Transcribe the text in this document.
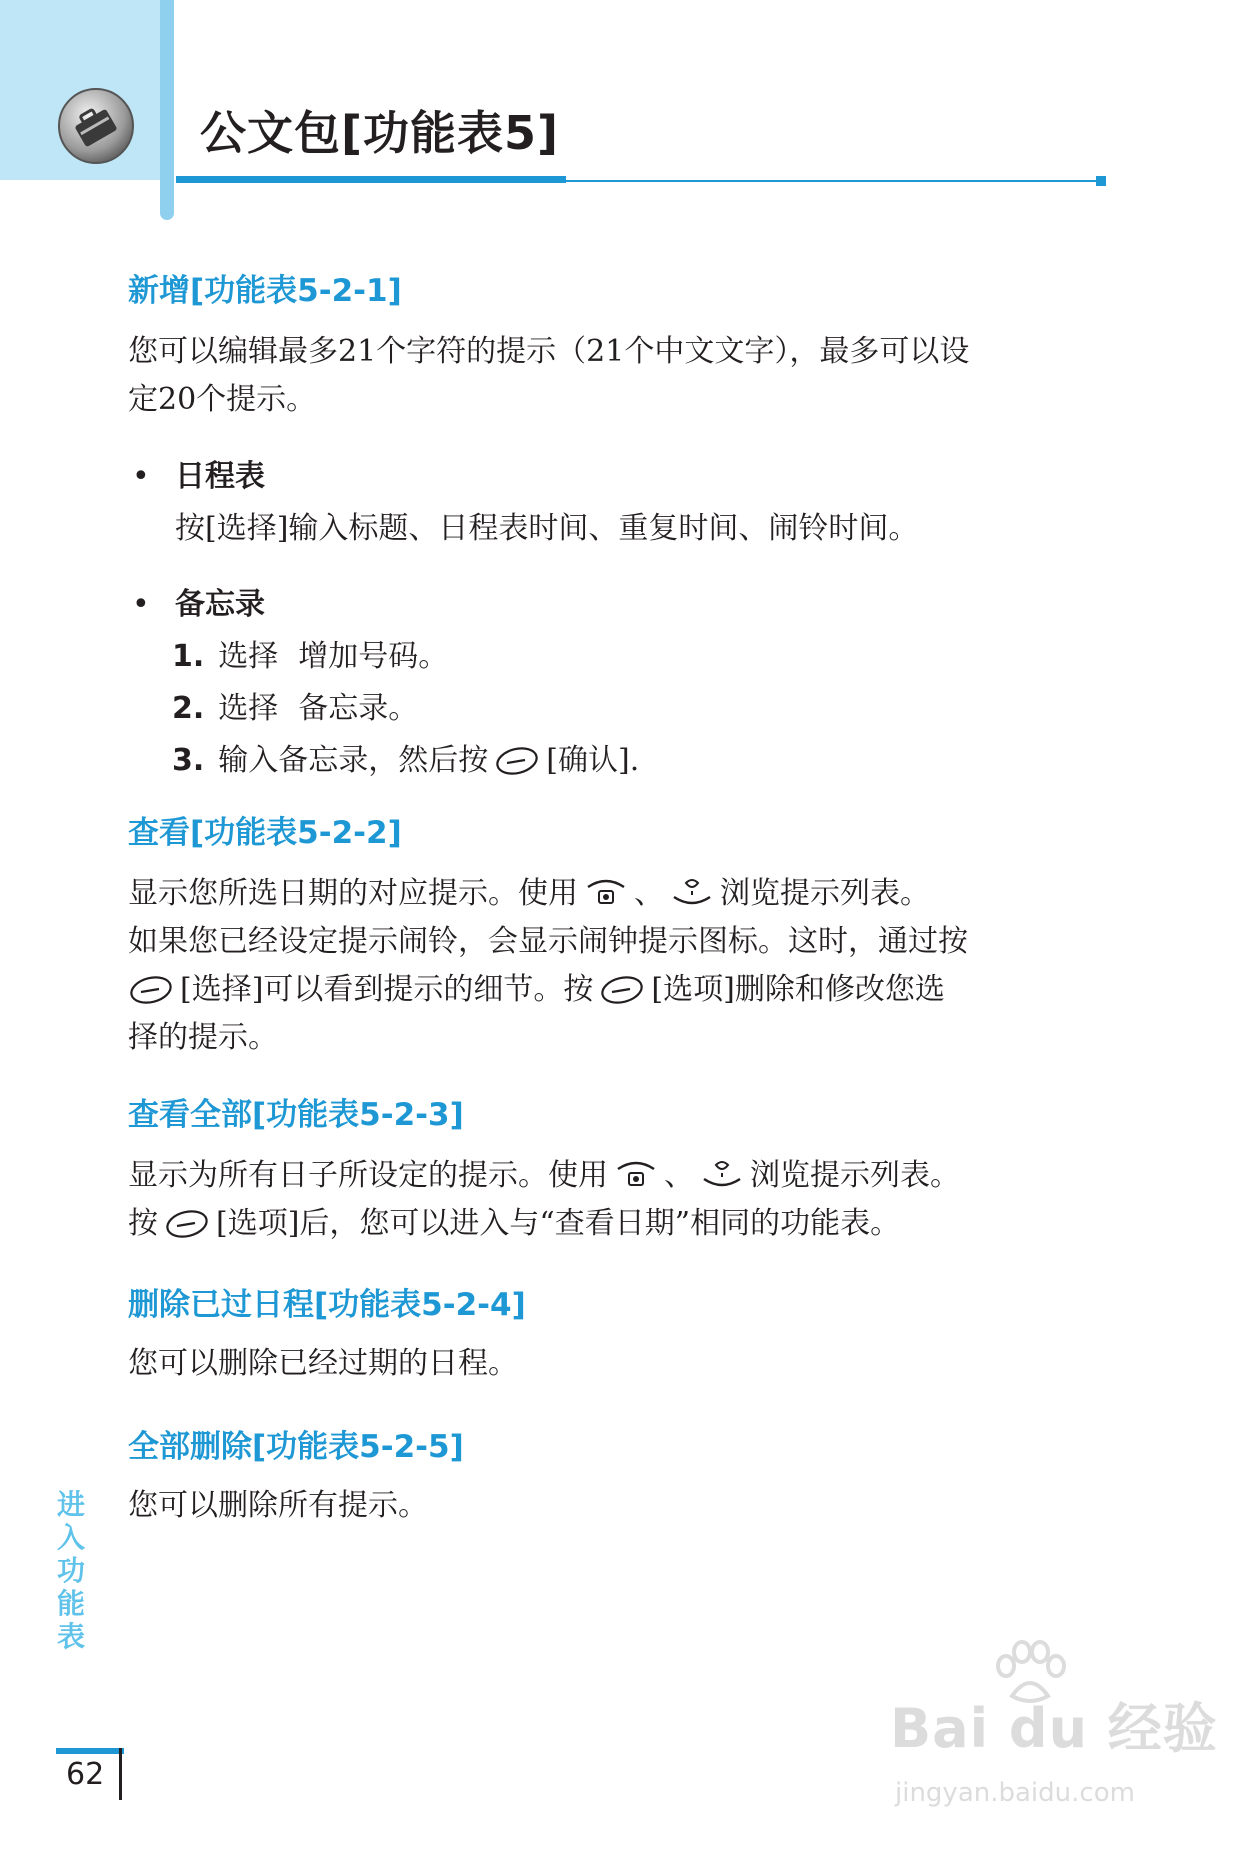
公文包[功能表5]
新增[功能表5-2-1]

您可以编辑最多21个字符的提示（21个中文文字），最多可以设
定20个提示。

• 日程表

按[选择]输入标题、日程表时间、重复时间、闹铃时间。

• 备忘录
1. 选择 增加号码。
2. 选择 备忘录。
3. 输入备忘录，然后按 [确认].
查看[功能表5-2-2]

显示您所选日期的对应提示。使用 、 浏览提示列表。
如果您已经设定提示闹铃，会显示闹钟提示图标。这时，通过按
[选择]可以看到提示的细节。按 [选项]删除和修改您选
择的提示。

查看全部[功能表5-2-3]

显示为所有日子所设定的提示。使用 、 浏览提示列表。
按 [选项]后，您可以进入与“查看日期”相同的功能表。

删除已过日程[功能表5-2-4]

您可以删除已经过期的日程。

全部删除[功能表5-2-5]

您可以删除所有提示。

进
入
功
能
表
62
Bai du 经验
jingyan.baidu.com
